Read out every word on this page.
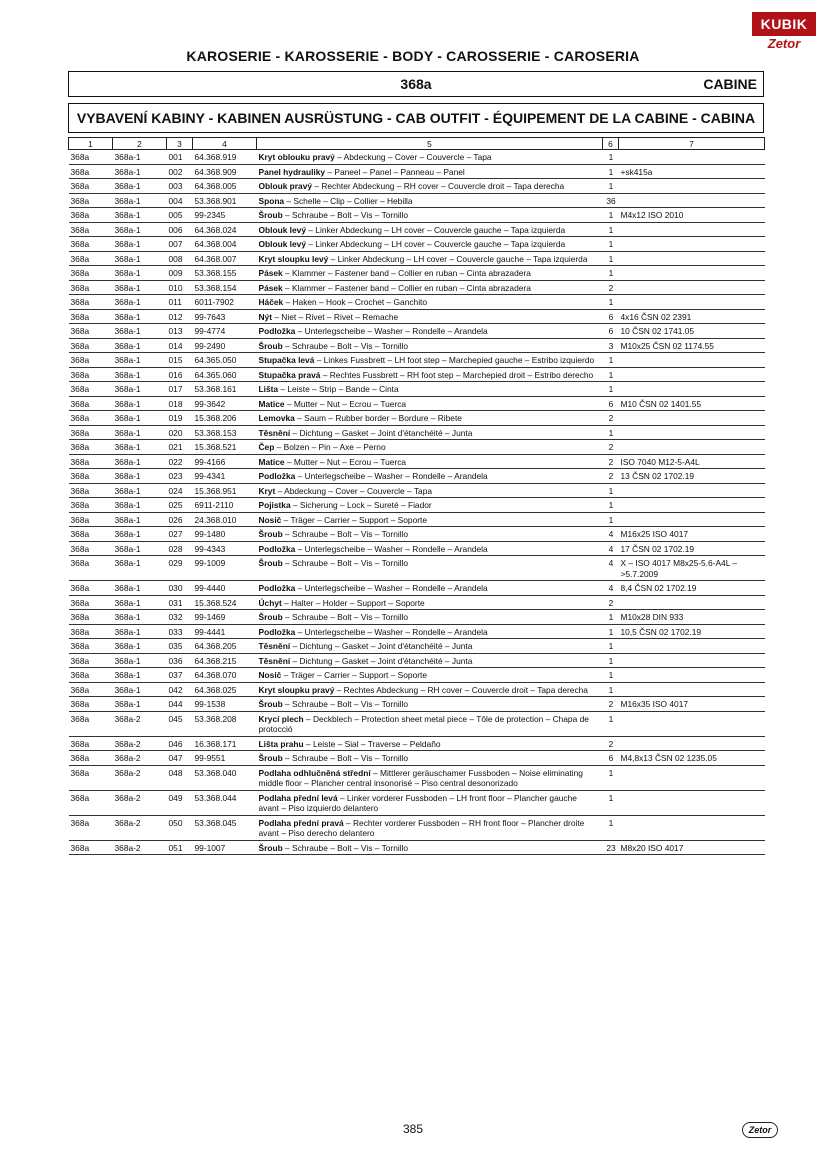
KUBIK
Zetor
KAROSERIE - KAROSSERIE - BODY - CAROSSERIE - CAROSERIA
368a	CABINE
VYBAVENÍ KABINY - KABINEN AUSRÜSTUNG - CAB OUTFIT - ÉQUIPEMENT DE LA CABINE - CABINA
1	2	3	4	5	6	7
368a	368a-1	001	64.368.919	Kryt oblouku pravý – Abdeckung – Cover – Couvercle – Tapa	1	
368a	368a-1	002	64.368.909	Panel hydrauliky – Paneel – Panel – Panneau – Panel	1	+sk415a
368a	368a-1	003	64.368.005	Oblouk pravý – Rechter Abdeckung – RH cover – Couvercle droit – Tapa derecha	1	
368a	368a-1	004	53.368.901	Spona – Schelle – Clip – Collier – Hebilla	36	
368a	368a-1	005	99-2345	Šroub – Schraube – Bolt – Vis – Tornillo	1	M4x12 ISO 2010
368a	368a-1	006	64.368.024	Oblouk levý – Linker Abdeckung – LH cover – Couvercle gauche – Tapa izquierda	1	
368a	368a-1	007	64.368.004	Oblouk levý – Linker Abdeckung – LH cover – Couvercle gauche – Tapa izquierda	1	
368a	368a-1	008	64.368.007	Kryt sloupku levý – Linker Abdeckung – LH cover – Couvercle gauche – Tapa izquierda	1	
368a	368a-1	009	53.368.155	Pásek – Klammer – Fastener band – Collier en ruban – Cinta abrazadera	1	
368a	368a-1	010	53.368.154	Pásek – Klammer – Fastener band – Collier en ruban – Cinta abrazadera	2	
368a	368a-1	011	6011-7902	Háček – Haken – Hook – Crochet – Ganchito	1	
368a	368a-1	012	99-7643	Nýt – Niet – Rivet – Rivet – Remache	6	4x16 ČSN 02 2391
368a	368a-1	013	99-4774	Podložka – Unterlegscheibe – Washer – Rondelle – Arandela	6	10 ČSN 02 1741.05
368a	368a-1	014	99-2490	Šroub – Schraube – Bolt – Vis – Tornillo	3	M10x25 ČSN 02 1174.55
368a	368a-1	015	64.365.050	Stupačka levá – Linkes Fussbrett – LH foot step – Marchepied gauche – Estribo izquierdo	1	
368a	368a-1	016	64.365.060	Stupačka pravá – Rechtes Fussbrett – RH foot step – Marchepied droit – Estribo derecho	1	
368a	368a-1	017	53.368.161	Lišta – Leiste – Strip – Bande – Cinta	1	
368a	368a-1	018	99-3642	Matice – Mutter – Nut – Ecrou – Tuerca	6	M10 ČSN 02 1401.55
368a	368a-1	019	15.368.206	Lemovka – Saum – Rubber border – Bordure – Ribete	2	
368a	368a-1	020	53.368.153	Těsnění – Dichtung – Gasket – Joint d'étanchéité – Junta	1	
368a	368a-1	021	15.368.521	Čep – Bolzen – Pin – Axe – Perno	2	
368a	368a-1	022	99-4166	Matice – Mutter – Nut – Ecrou – Tuerca	2	ISO 7040 M12-5-A4L
368a	368a-1	023	99-4341	Podložka – Unterlegscheibe – Washer – Rondelle – Arandela	2	13 ČSN 02 1702.19
368a	368a-1	024	15.368.951	Kryt – Abdeckung – Cover – Couvercle – Tapa	1	
368a	368a-1	025	6911-2110	Pojistka – Sicherung – Lock – Sureté – Fiador	1	
368a	368a-1	026	24.368.010	Nosič – Träger – Carrier – Support – Soporte	1	
368a	368a-1	027	99-1480	Šroub – Schraube – Bolt – Vis – Tornillo	4	M16x25 ISO 4017
368a	368a-1	028	99-4343	Podložka – Unterlegscheibe – Washer – Rondelle – Arandela	4	17 ČSN 02 1702.19
368a	368a-1	029	99-1009	Šroub – Schraube – Bolt – Vis – Tornillo	4	X – ISO 4017 M8x25-5.6-A4L – >5.7.2009
368a	368a-1	030	99-4440	Podložka – Unterlegscheibe – Washer – Rondelle – Arandela	4	8,4 ČSN 02 1702.19
368a	368a-1	031	15.368.524	Úchyt – Halter – Holder – Support – Soporte	2	
368a	368a-1	032	99-1469	Šroub – Schraube – Bolt – Vis – Tornillo	1	M10x28 DIN 933
368a	368a-1	033	99-4441	Podložka – Unterlegscheibe – Washer – Rondelle – Arandela	1	10,5 ČSN 02 1702.19
368a	368a-1	035	64.368.205	Těsnění – Dichtung – Gasket – Joint d'étanchéité – Junta	1	
368a	368a-1	036	64.368.215	Těsnění – Dichtung – Gasket – Joint d'étanchéité – Junta	1	
368a	368a-1	037	64.368.070	Nosič – Träger – Carrier – Support – Soporte	1	
368a	368a-1	042	64.368.025	Kryt sloupku pravý – Rechtes Abdeckung – RH cover – Couvercle droit – Tapa derecha	1	
368a	368a-1	044	99-1538	Šroub – Schraube – Bolt – Vis – Tornillo	2	M16x35 ISO 4017
368a	368a-2	045	53.368.208	Krycí plech – Deckblech – Protection sheet metal piece – Tôle de protection – Chapa de protocció	1	
368a	368a-2	046	16.368.171	Lišta prahu – Leiste – Sial – Traverse – Peldaño	2	
368a	368a-2	047	99-9551	Šroub – Schraube – Bolt – Vis – Tornillo	6	M4,8x13 ČSN 02 1235.05
368a	368a-2	048	53.368.040	Podlaha odhlučněná střední – Mittlerer geräuschamer Fussboden – Noise eliminating middle floor – Plancher central insonorisé – Piso central desonorizado	1	
368a	368a-2	049	53.368.044	Podlaha přední levá – Linker vorderer Fussboden – LH front floor – Plancher gauche avant – Piso izquierdo delantero	1	
368a	368a-2	050	53.368.045	Podlaha přední pravá – Rechter vorderer Fussboden – RH front floor – Plancher droite avant – Piso derecho delantero	1	
368a	368a-2	051	99-1007	Šroub – Schraube – Bolt – Vis – Tornillo	23	M8x20 ISO 4017
385	Zetor
